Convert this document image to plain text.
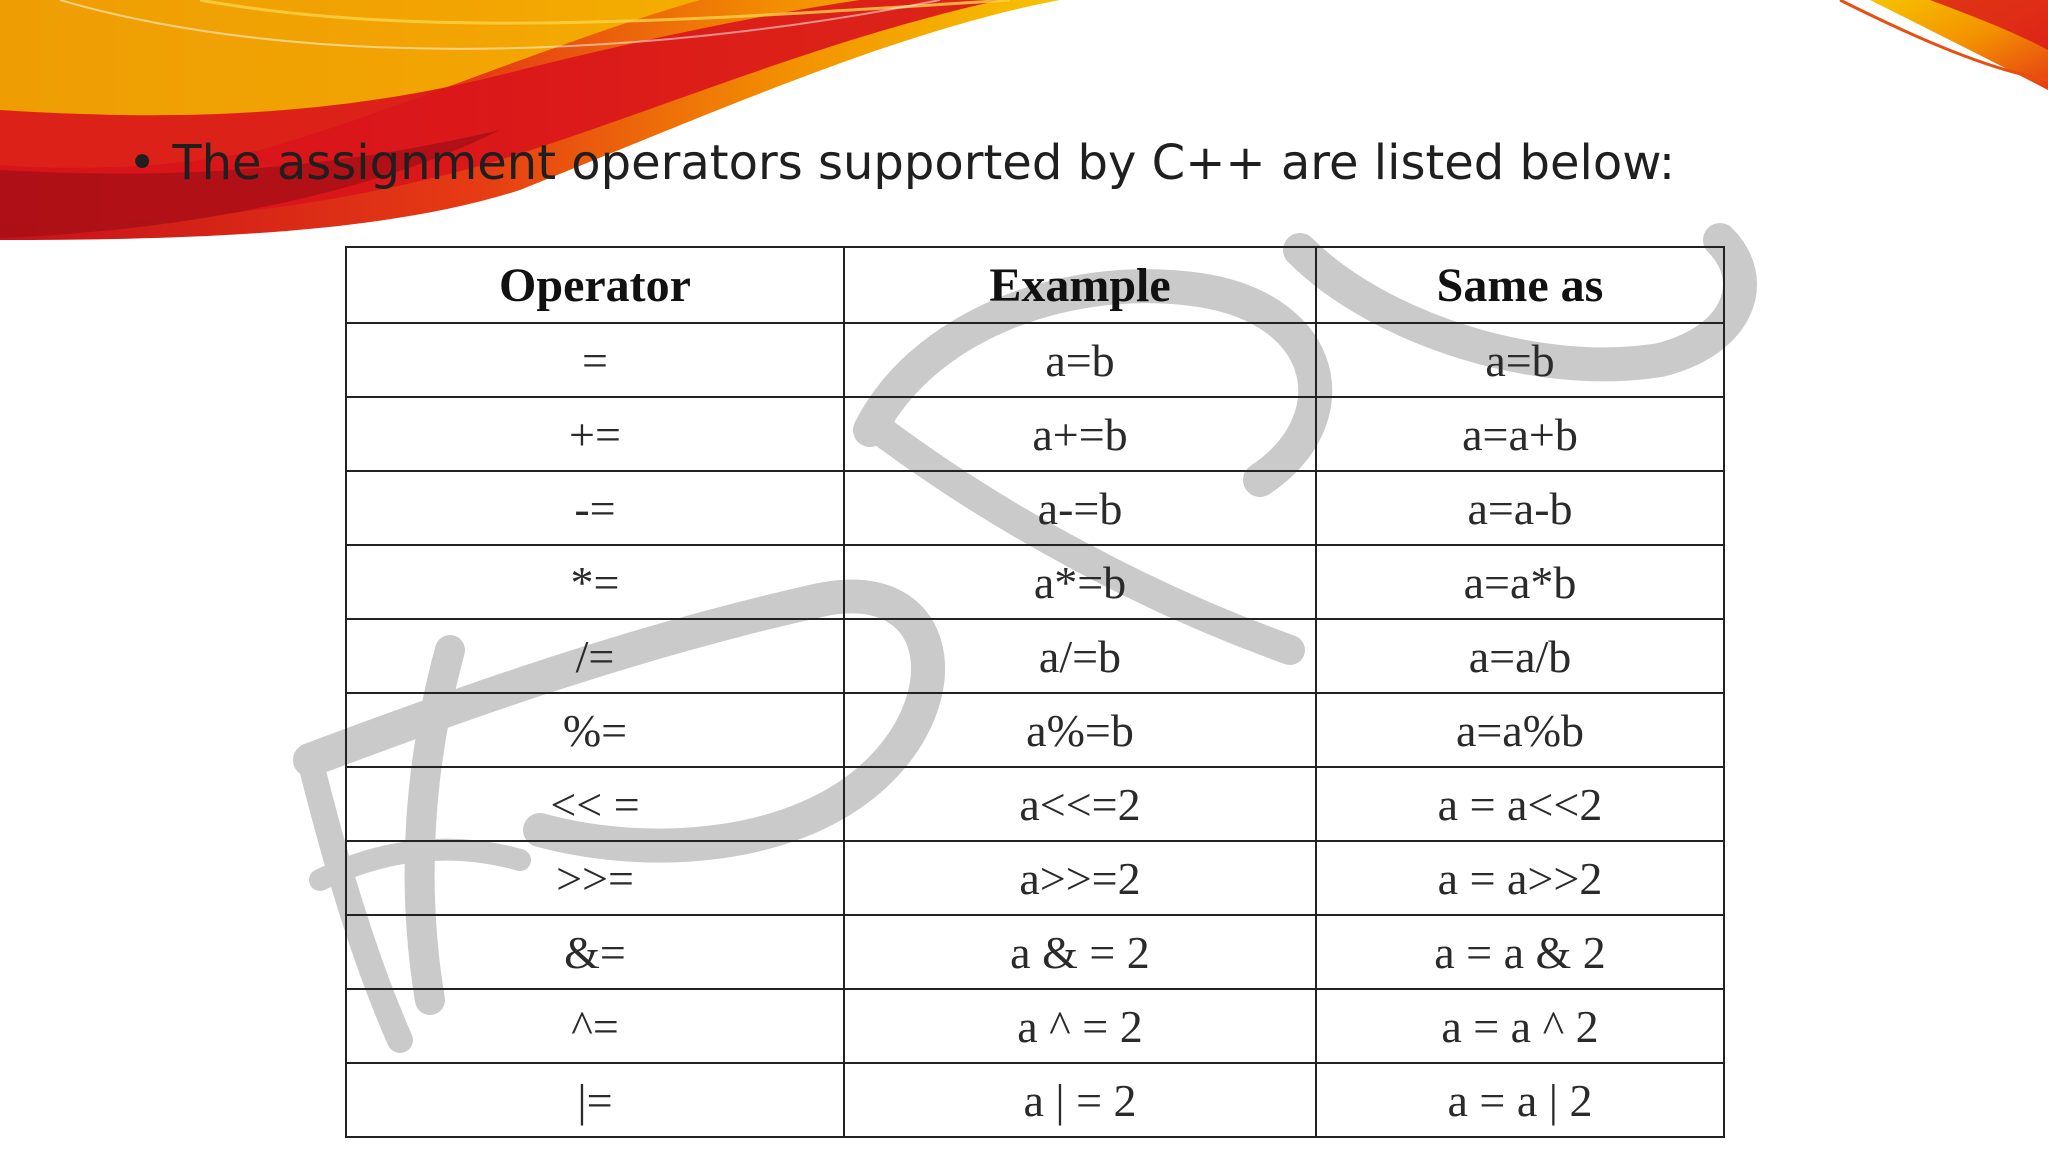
• The assignment operators supported by C++ are listed below:
Operator	Example	Same as
=	a=b	a=b
+=	a+=b	a=a+b
-=	a-=b	a=a-b
*=	a*=b	a=a*b
/=	a/=b	a=a/b
%=	a%=b	a=a%b
<< =	a<<=2	a = a<<2
>>=	a>>=2	a = a>>2
&=	a & = 2	a = a & 2
^=	a ^ = 2	a = a ^ 2
|=	a | = 2	a = a | 2
